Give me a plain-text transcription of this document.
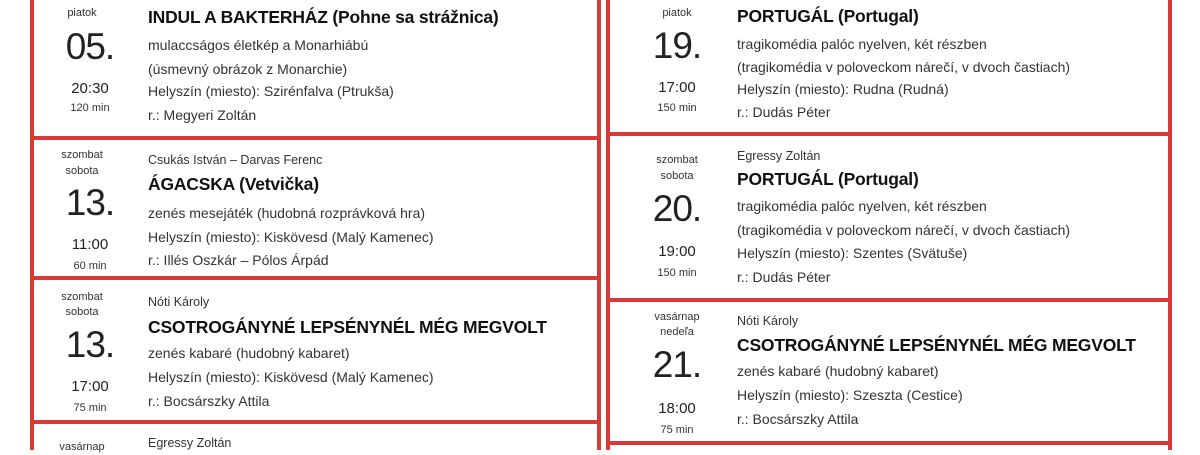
piatok
05.
20:30
120 min
INDUL A BAKTERHÁZ (Pohne sa strážnica)
mulaccságos életkép a Monarhiábú
(úsmevný obrázok z Monarchie)
Helyszín (miesto): Szirénfalva (Ptrukša)
r.: Megyeri Zoltán
szombat
sobota
13.
11:00
60 min
Csukás István – Darvas Ferenc
ÁGACSKA (Vetvička)
zenés mesejáték (hudobná rozprávková hra)
Helyszín (miesto): Kiskövesd (Malý Kamenec)
r.: Illés Oszkár – Pólos Árpád
szombat
sobota
13.
17:00
75 min
Nóti Károly
CSOTROGÁNYNÉ LEPSÉNYNÉL MÉG MEGVOLT
zenés kabaré (hudobný kabaret)
Helyszín (miesto): Kiskövesd (Malý Kamenec)
r.: Bocsárszky Attila
vasárnap	Egressy Zoltán
piatok
19.
17:00
150 min
PORTUGÁL (Portugal)
tragikomédia palóc nyelven, két részben
(tragikomédia v poloveckom nárečí, v dvoch častiach)
Helyszín (miesto): Rudna (Rudná)
r.: Dudás Péter
szombat
sobota
20.
19:00
150 min
Egressy Zoltán
PORTUGÁL (Portugal)
tragikomédia palóc nyelven, két részben
(tragikomédia v poloveckom nárečí, v dvoch častiach)
Helyszín (miesto): Szentes (Svätuše)
r.: Dudás Péter
vasárnap
nedeľa
21.
18:00
75 min
Nóti Károly
CSOTROGÁNYNÉ LEPSÉNYNÉL MÉG MEGVOLT
zenés kabaré (hudobný kabaret)
Helyszín (miesto): Szeszta (Cestice)
r.: Bocsárszky Attila
